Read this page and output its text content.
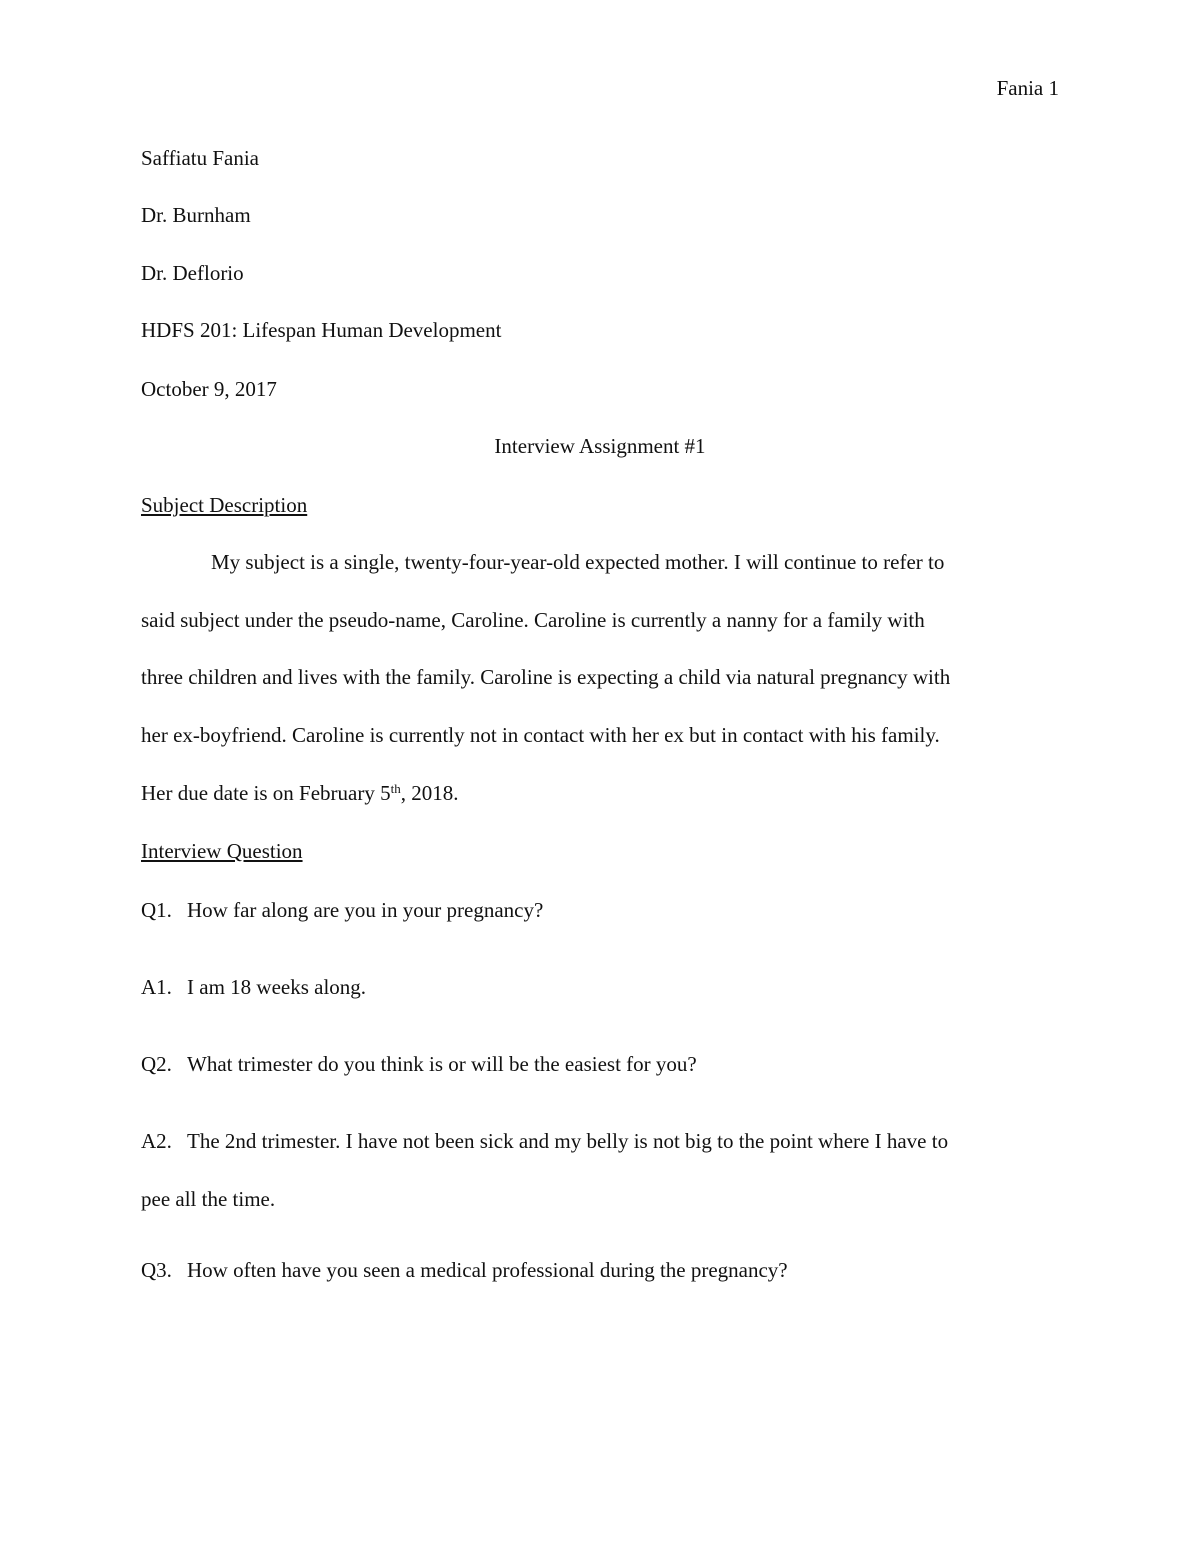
Fania 1
Saffiatu Fania
Dr. Burnham
Dr. Deflorio
HDFS 201: Lifespan Human Development
October 9, 2017
Interview Assignment #1
Subject Description
My subject is a single, twenty-four-year-old expected mother. I will continue to refer to
said subject under the pseudo-name, Caroline. Caroline is currently a nanny for a family with
three children and lives with the family. Caroline is expecting a child via natural pregnancy with
her ex-boyfriend. Caroline is currently not in contact with her ex but in contact with his family.
Her due date is on February 5th, 2018.
Interview Question
Q1. How far along are you in your pregnancy?
A1. I am 18 weeks along.
Q2. What trimester do you think is or will be the easiest for you?
A2. The 2nd trimester. I have not been sick and my belly is not big to the point where I have to
pee all the time.
Q3. How often have you seen a medical professional during the pregnancy?
